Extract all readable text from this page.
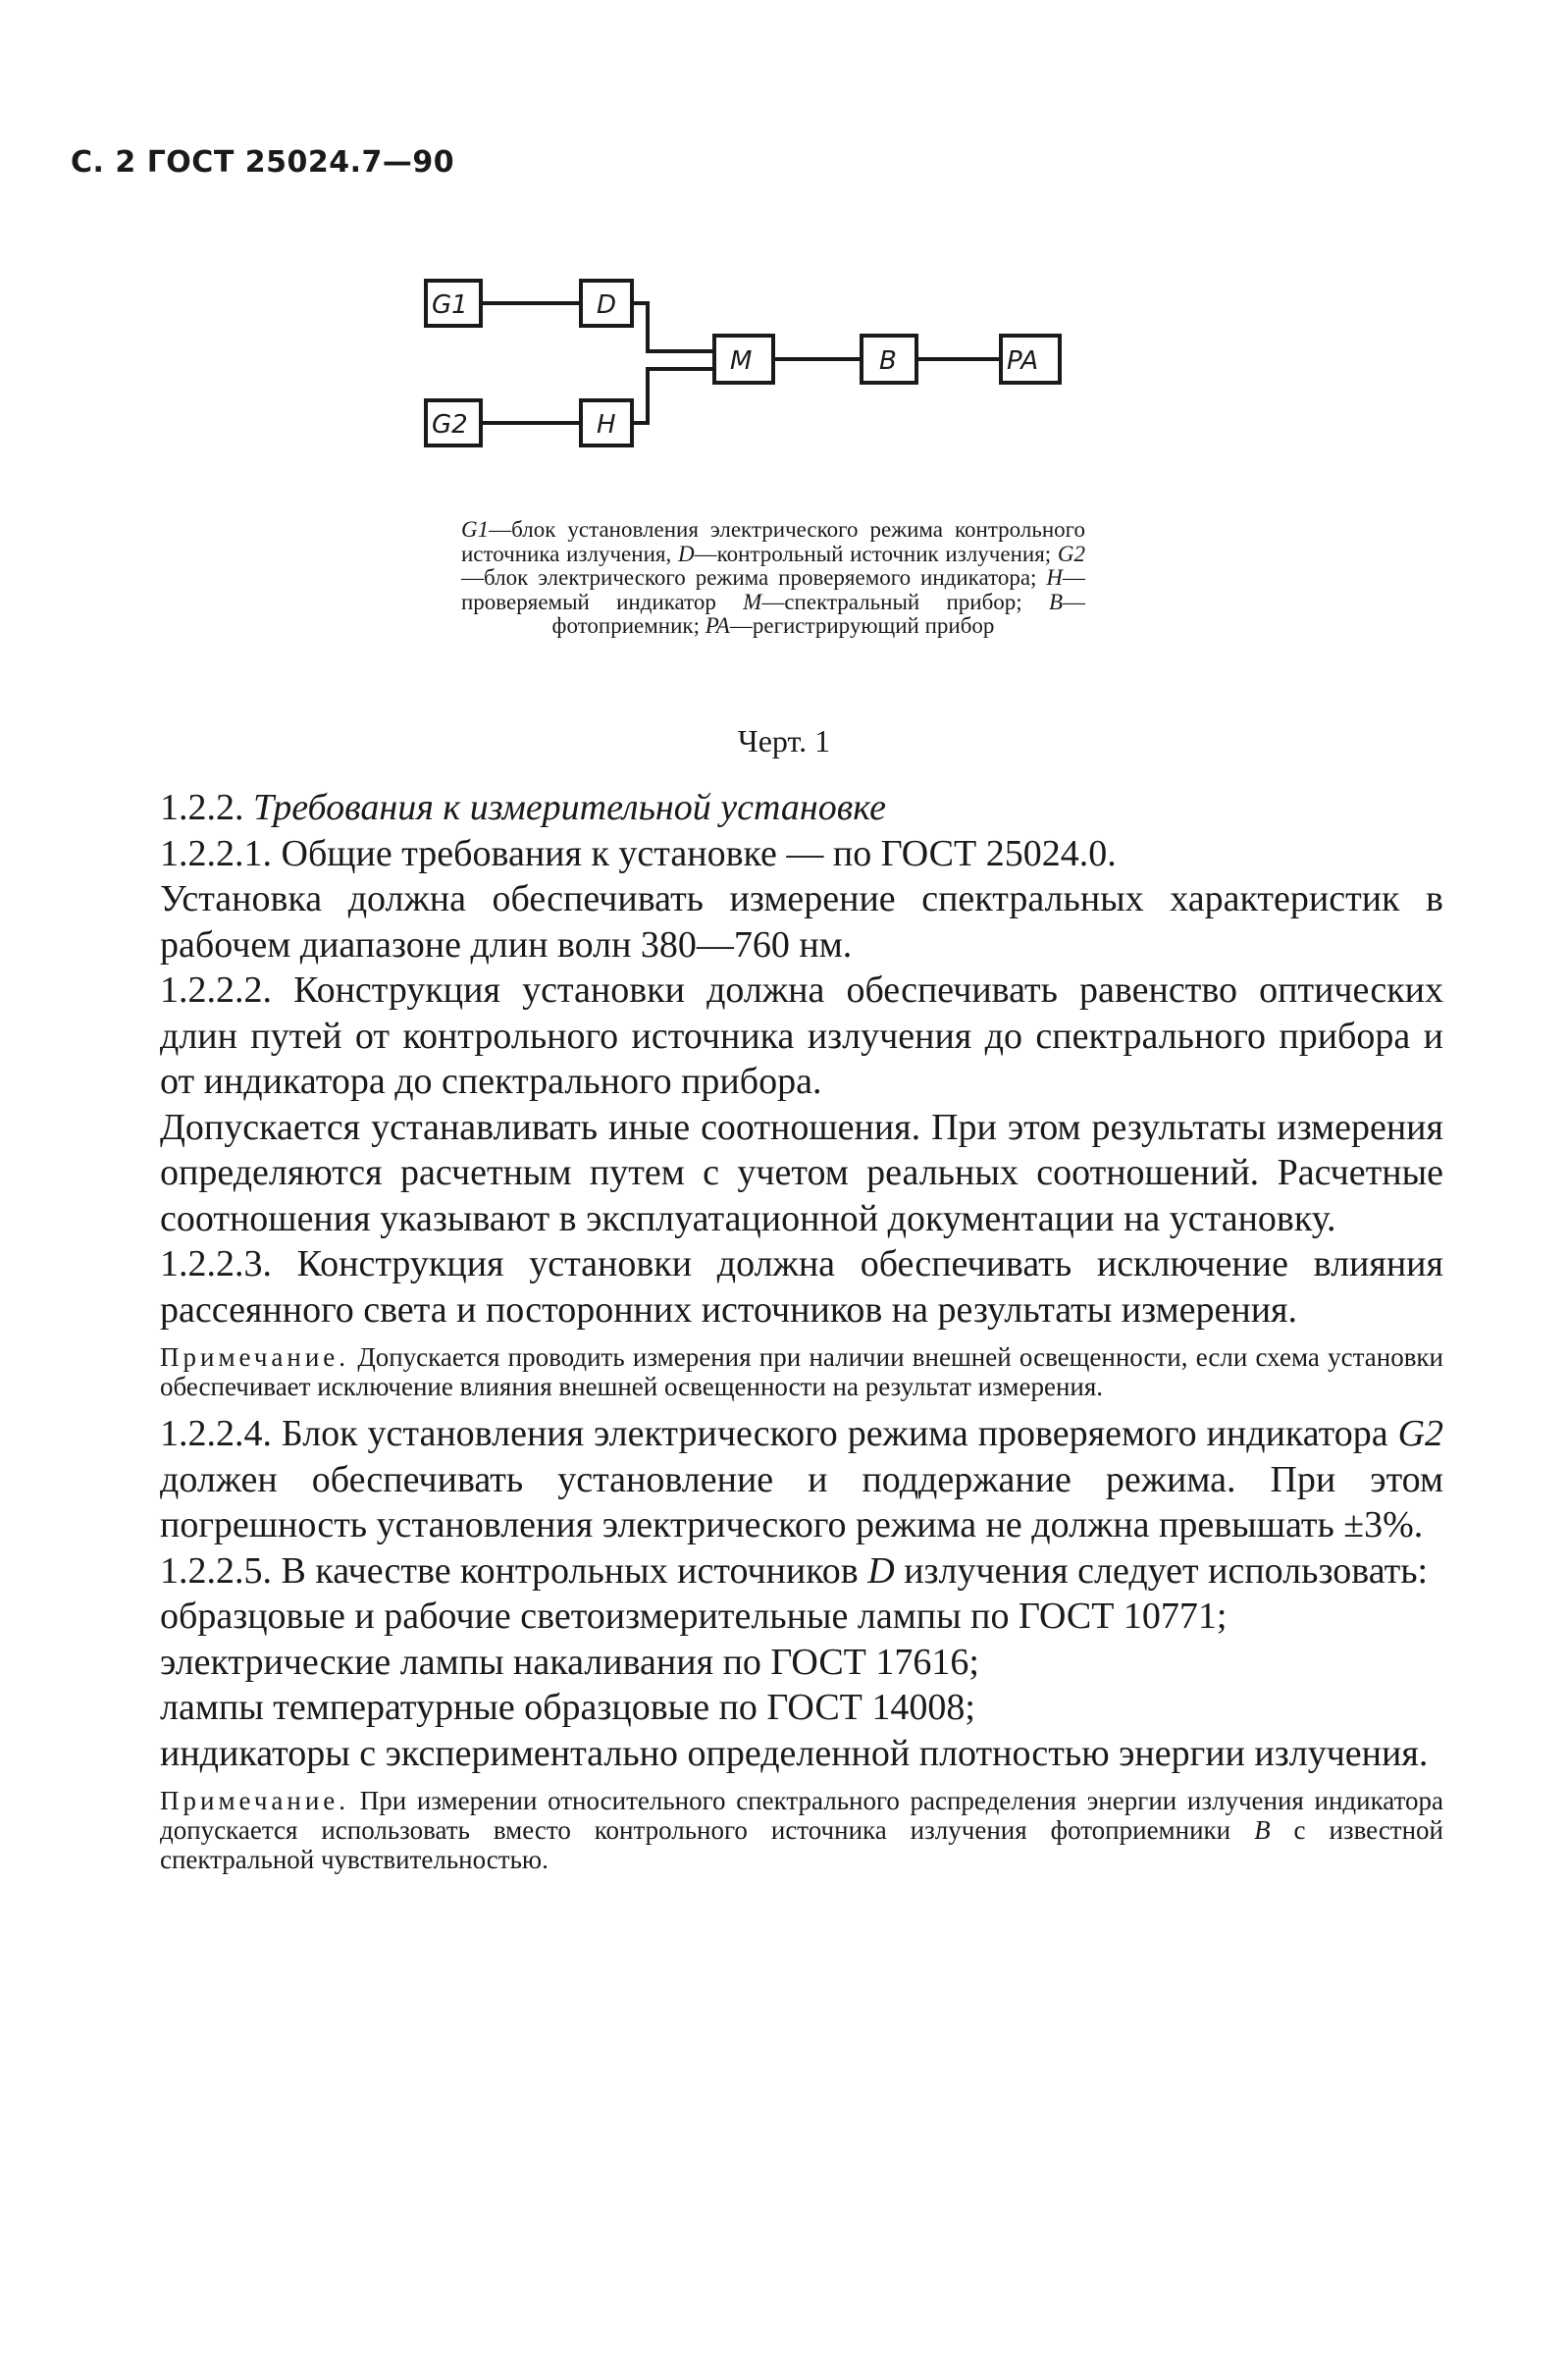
С. 2 ГОСТ 25024.7—90
G1	D
M	B	PA
G2	H
G1—блок установления электрического режима контрольного источника излучения, D—контрольный источник излучения; G2—блок электрического режима проверяемого индикатора; H—проверяемый индикатор M—спектральный прибор; B—фотоприемник; PA—регистрирующий прибор
Черт. 1

1.2.2. Требования к измерительной установке

1.2.2.1. Общие требования к установке — по ГОСТ 25024.0.

Установка должна обеспечивать измерение спектральных характеристик в рабочем диапазоне длин волн 380—760 нм.

1.2.2.2. Конструкция установки должна обеспечивать равенство оптических длин путей от контрольного источника излучения до спектрального прибора и от индикатора до спектрального прибора.

Допускается устанавливать иные соотношения. При этом результаты измерения определяются расчетным путем с учетом реальных соотношений. Расчетные соотношения указывают в эксплуатационной документации на установку.

1.2.2.3. Конструкция установки должна обеспечивать исключение влияния рассеянного света и посторонних источников на результаты измерения.

Примечание. Допускается проводить измерения при наличии внешней освещенности, если схема установки обеспечивает исключение влияния внешней освещенности на результат измерения.

1.2.2.4. Блок установления электрического режима проверяемого индикатора G2 должен обеспечивать установление и поддержание режима. При этом погрешность установления электрического режима не должна превышать ±3%.

1.2.2.5. В качестве контрольных источников D излучения следует использовать:

образцовые и рабочие светоизмерительные лампы по ГОСТ 10771;

электрические лампы накаливания по ГОСТ 17616;

лампы температурные образцовые по ГОСТ 14008;

индикаторы с экспериментально определенной плотностью энергии излучения.

Примечание. При измерении относительного спектрального распределения энергии излучения индикатора допускается использовать вместо контрольного источника излучения фотоприемники B с известной спектральной чувствительностью.
